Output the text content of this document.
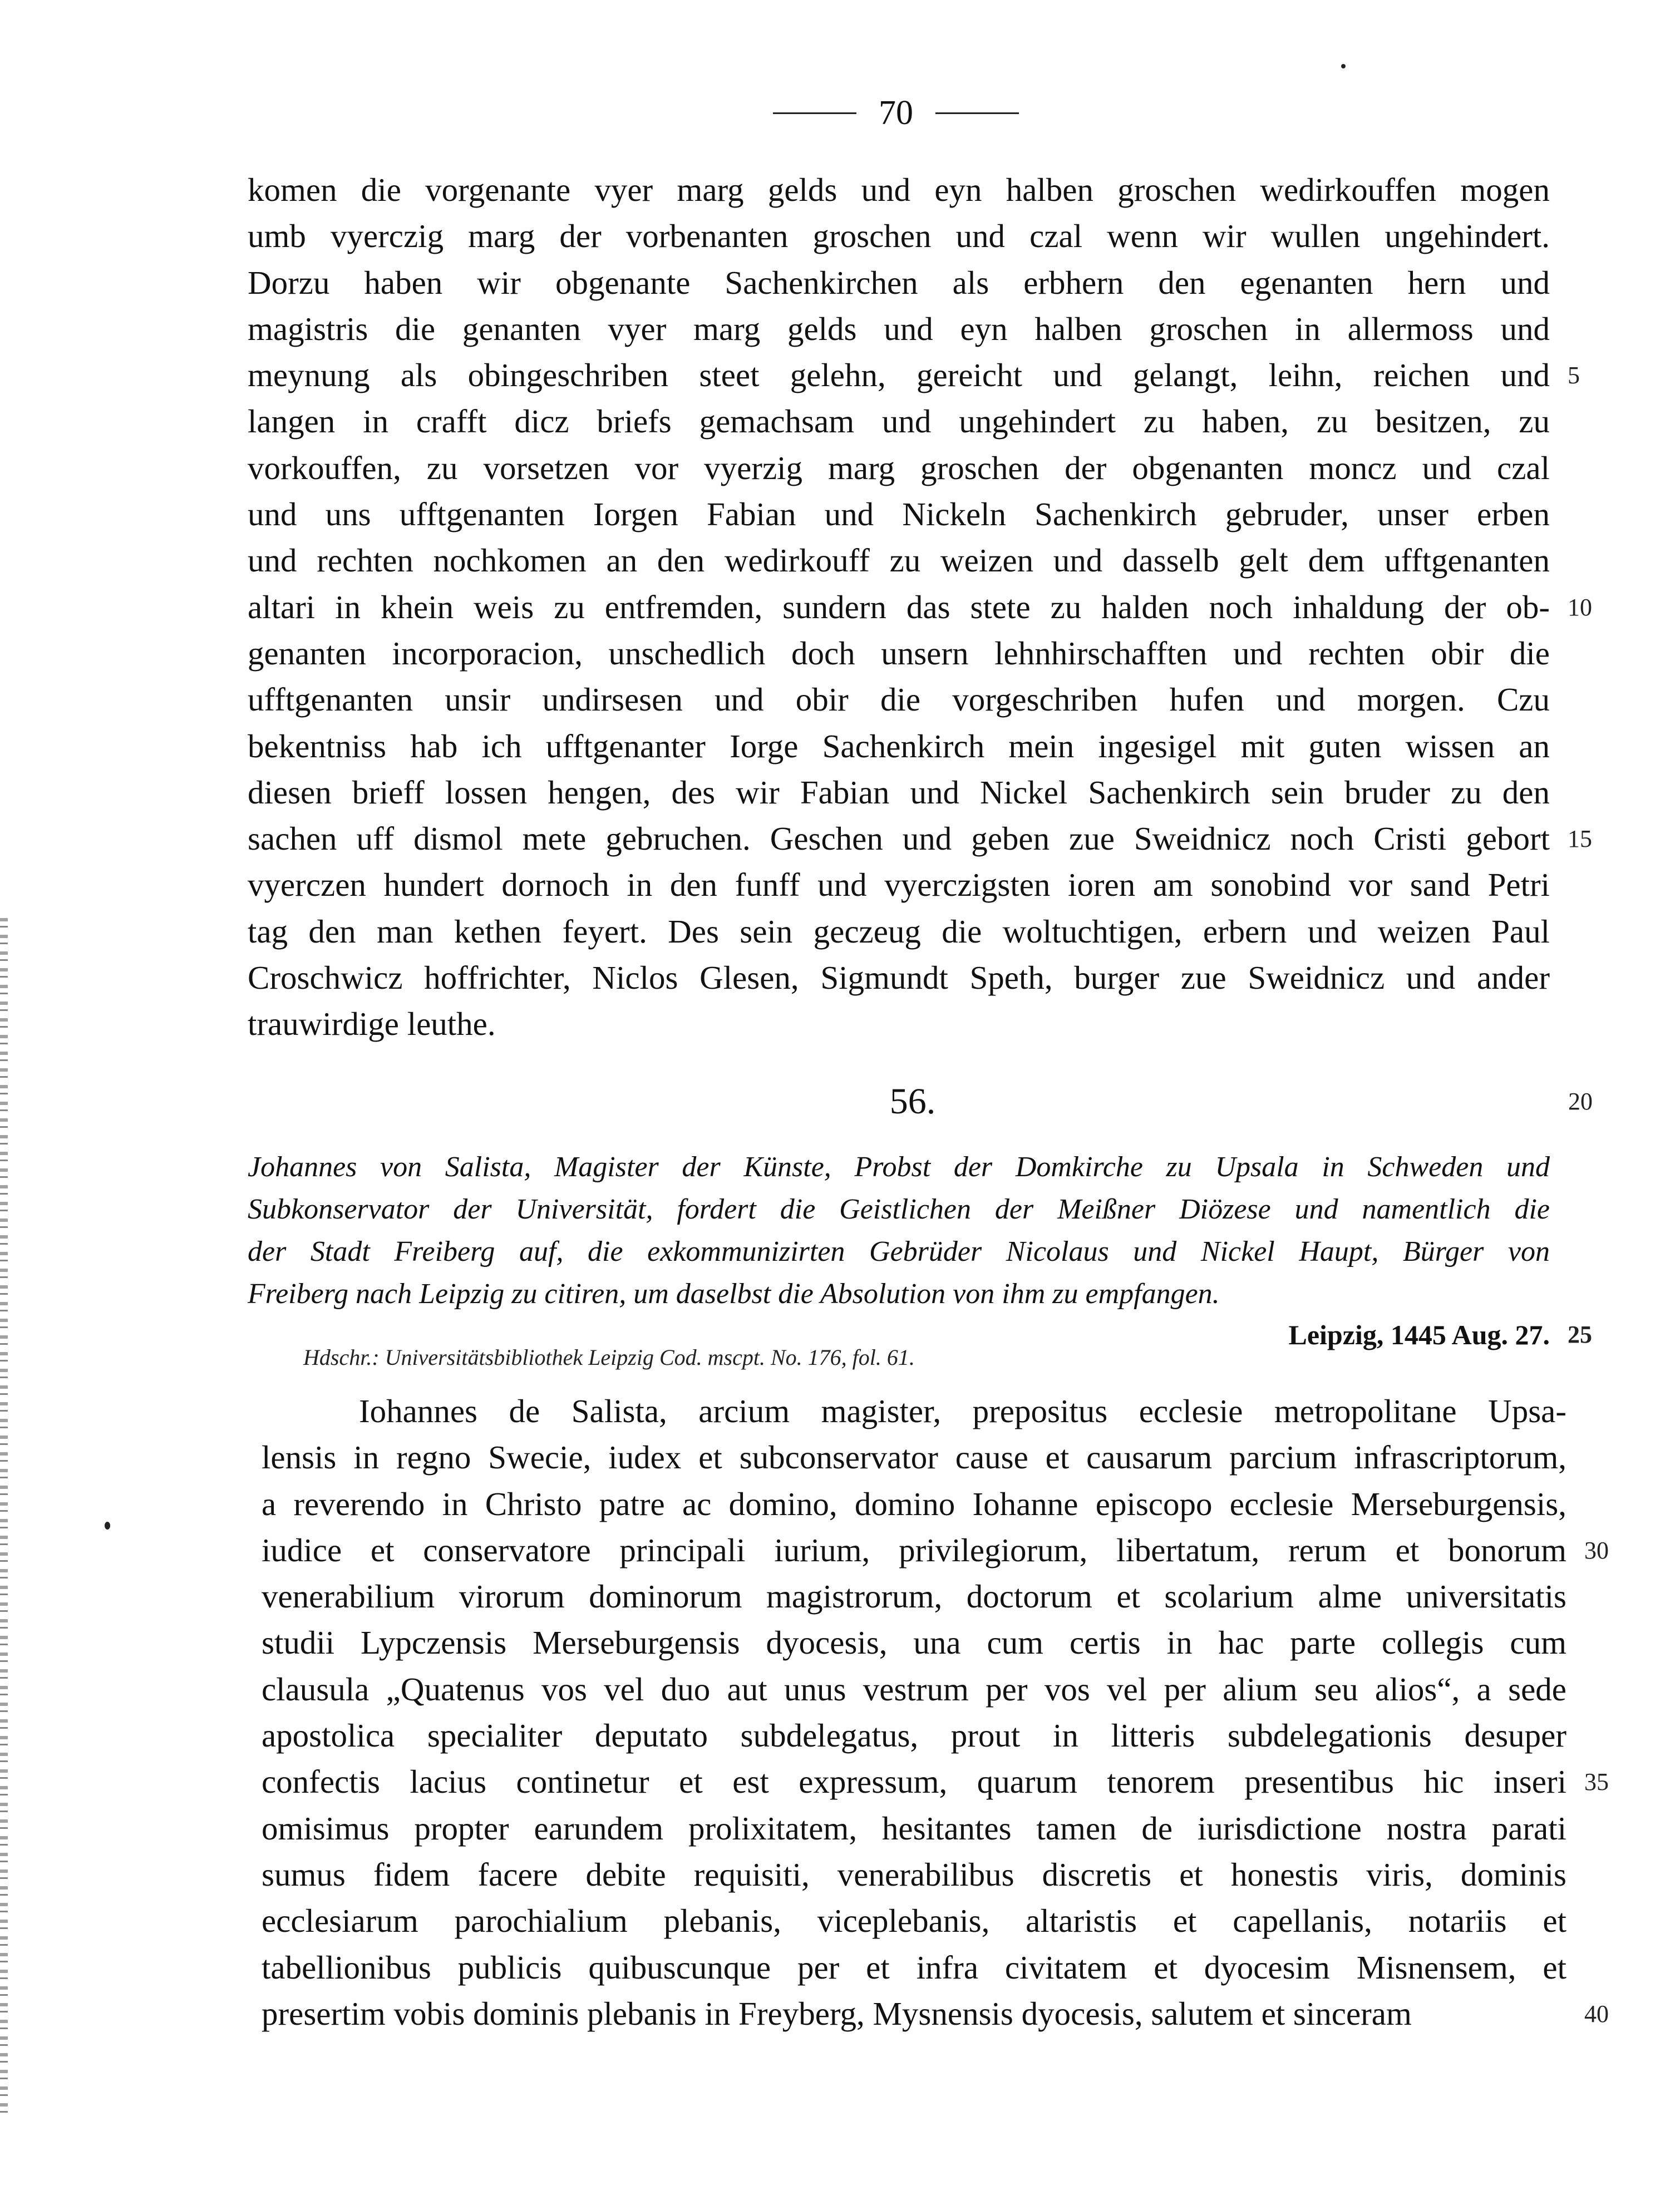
70
komen die vorgenante vyer marg gelds und eyn halben groschen wedirkouffen mogen
umb vyerczig marg der vorbenanten groschen und czal wenn wir wullen ungehindert.
Dorzu haben wir obgenante Sachenkirchen als erbhern den egenanten hern und
magistris die genanten vyer marg gelds und eyn halben groschen in allermoss und
meynung als obingeschriben steet gelehn, gereicht und gelangt, leihn, reichen und 5
langen in crafft dicz briefs gemachsam und ungehindert zu haben, zu besitzen, zu
vorkouffen, zu vorsetzen vor vyerzig marg groschen der obgenanten moncz und czal
und uns ufftgenanten Iorgen Fabian und Nickeln Sachenkirch gebruder, unser erben
und rechten nochkomen an den wedirkouff zu weizen und dasselb gelt dem ufftgenanten
altari in khein weis zu entfremden, sundern das stete zu halden noch inhaldung der ob- 10
genanten incorporacion, unschedlich doch unsern lehnhirschafften und rechten obir die
ufftgenanten unsir undirsesen und obir die vorgeschriben hufen und morgen. Czu
bekentniss hab ich ufftgenanter Iorge Sachenkirch mein ingesigel mit guten wissen an
diesen brieff lossen hengen, des wir Fabian und Nickel Sachenkirch sein bruder zu den
sachen uff dismol mete gebruchen. Geschen und geben zue Sweidnicz noch Cristi gebort 15
vyerczen hundert dornoch in den funff und vyerczigsten ioren am sonobind vor sand Petri
tag den man kethen feyert. Des sein geczeug die woltuchtigen, erbern und weizen Paul
Croschwicz hoffrichter, Niclos Glesen, Sigmundt Speth, burger zue Sweidnicz und ander
trauwirdige leuthe.
56.	20
Johannes von Salista, Magister der Künste, Probst der Domkirche zu Upsala in Schweden und
Subkonservator der Universität, fordert die Geistlichen der Meißner Diözese und namentlich die
der Stadt Freiberg auf, die exkommunizirten Gebrüder Nicolaus und Nickel Haupt, Bürger von
Freiberg nach Leipzig zu citiren, um daselbst die Absolution von ihm zu empfangen.
Leipzig, 1445 Aug. 27. 25
Hdschr.: Universitätsbibliothek Leipzig Cod. mscpt. No. 176, fol. 61.
Iohannes de Salista, arcium magister, prepositus ecclesie metropolitane Upsa-
lensis in regno Swecie, iudex et subconservator cause et causarum parcium infrascriptorum,
a reverendo in Christo patre ac domino, domino Iohanne episcopo ecclesie Merseburgensis,
iudice et conservatore principali iurium, privilegiorum, libertatum, rerum et bonorum 30
venerabilium virorum dominorum magistrorum, doctorum et scolarium alme universitatis
studii Lypczensis Merseburgensis dyocesis, una cum certis in hac parte collegis cum
clausula „Quatenus vos vel duo aut unus vestrum per vos vel per alium seu alios“, a sede
apostolica specialiter deputato subdelegatus, prout in litteris subdelegationis desuper
confectis lacius continetur et est expressum, quarum tenorem presentibus hic inseri 35
omisimus propter earundem prolixitatem, hesitantes tamen de iurisdictione nostra parati
sumus fidem facere debite requisiti, venerabilibus discretis et honestis viris, dominis
ecclesiarum parochialium plebanis, viceplebanis, altaristis et capellanis, notariis et
tabellionibus publicis quibuscunque per et infra civitatem et dyocesim Misnensem, et
presertim vobis dominis plebanis in Freyberg, Mysnensis dyocesis, salutem et sinceram	40
